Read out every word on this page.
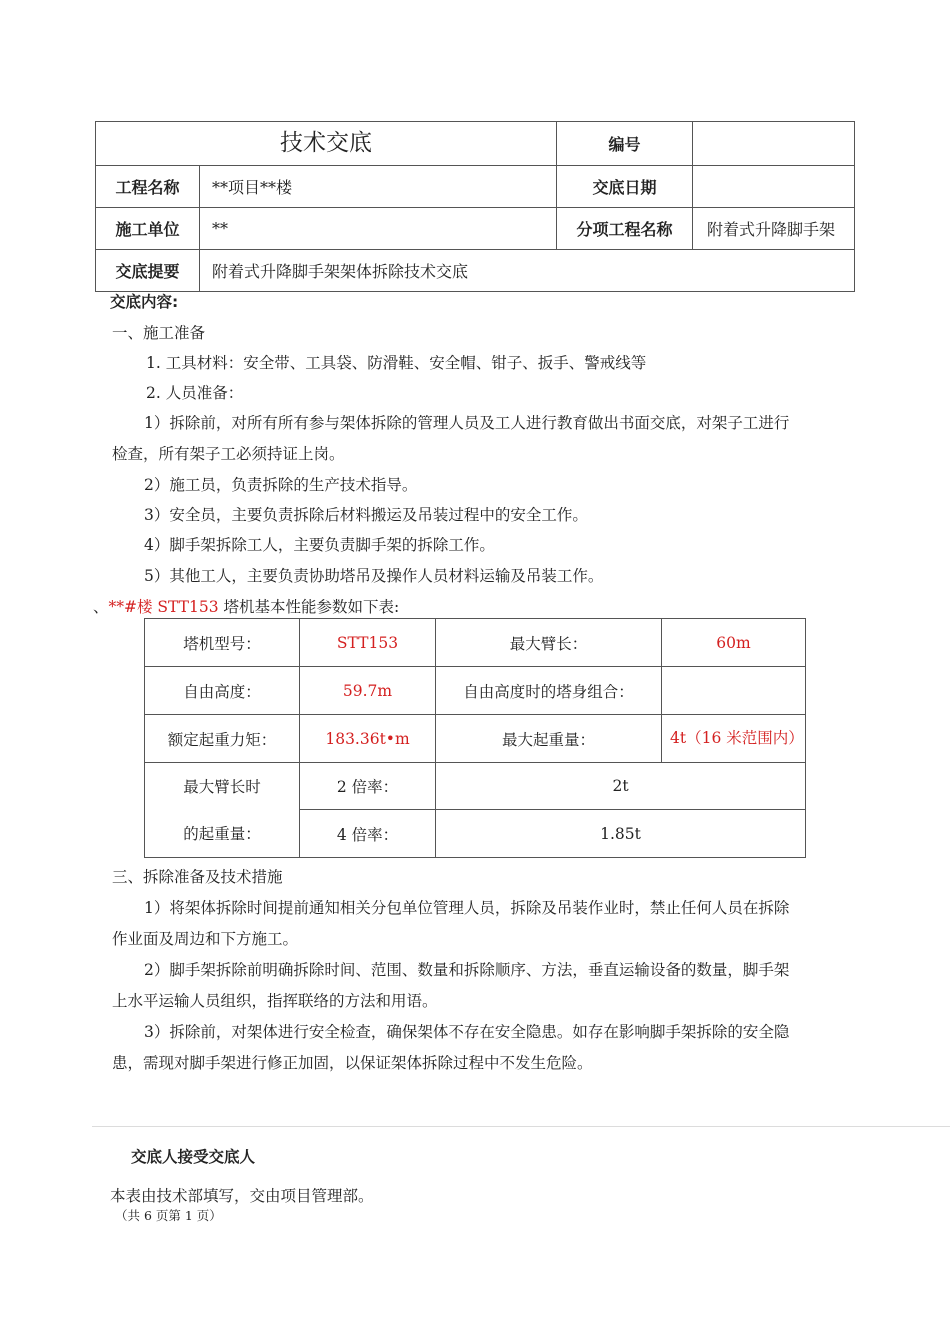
技术交底		编号	
工程名称	**项目**楼	交底日期	
施工单位	**	分项工程名称	附着式升降脚手架
交底提要	附着式升降脚手架架体拆除技术交底		
交底内容:
一、施工准备
1. 工具材料：安全带、工具袋、防滑鞋、安全帽、钳子、扳手、警戒线等
2. 人员准备：
1）拆除前，对所有所有参与架体拆除的管理人员及工人进行教育做出书面交底，对架子工进行
检查，所有架子工必须持证上岗。
2）施工员，负责拆除的生产技术指导。
3）安全员，主要负责拆除后材料搬运及吊装过程中的安全工作。
4）脚手架拆除工人，主要负责脚手架的拆除工作。
5）其他工人，主要负责协助塔吊及操作人员材料运输及吊装工作。
、**#楼 STT153 塔机基本性能参数如下表:
塔机型号：	STT153	最大臂长：	60m
自由高度：	59.7m	自由高度时的塔身组合：	
额定起重力矩：	183.36t•m	最大起重量：	4t（16 米范围内）
最大臂长时	2 倍率：	2t	
的起重量：	4 倍率：	1.85t	
三、拆除准备及技术措施
1）将架体拆除时间提前通知相关分包单位管理人员，拆除及吊装作业时，禁止任何人员在拆除
作业面及周边和下方施工。
2）脚手架拆除前明确拆除时间、范围、数量和拆除顺序、方法，垂直运输设备的数量，脚手架
上水平运输人员组织，指挥联络的方法和用语。
3）拆除前，对架体进行安全检查，确保架体不存在安全隐患。如存在影响脚手架拆除的安全隐
患，需现对脚手架进行修正加固，以保证架体拆除过程中不发生危险。
交底人接受交底人
本表由技术部填写，交由项目管理部。
（共 6 页第 1 页）
